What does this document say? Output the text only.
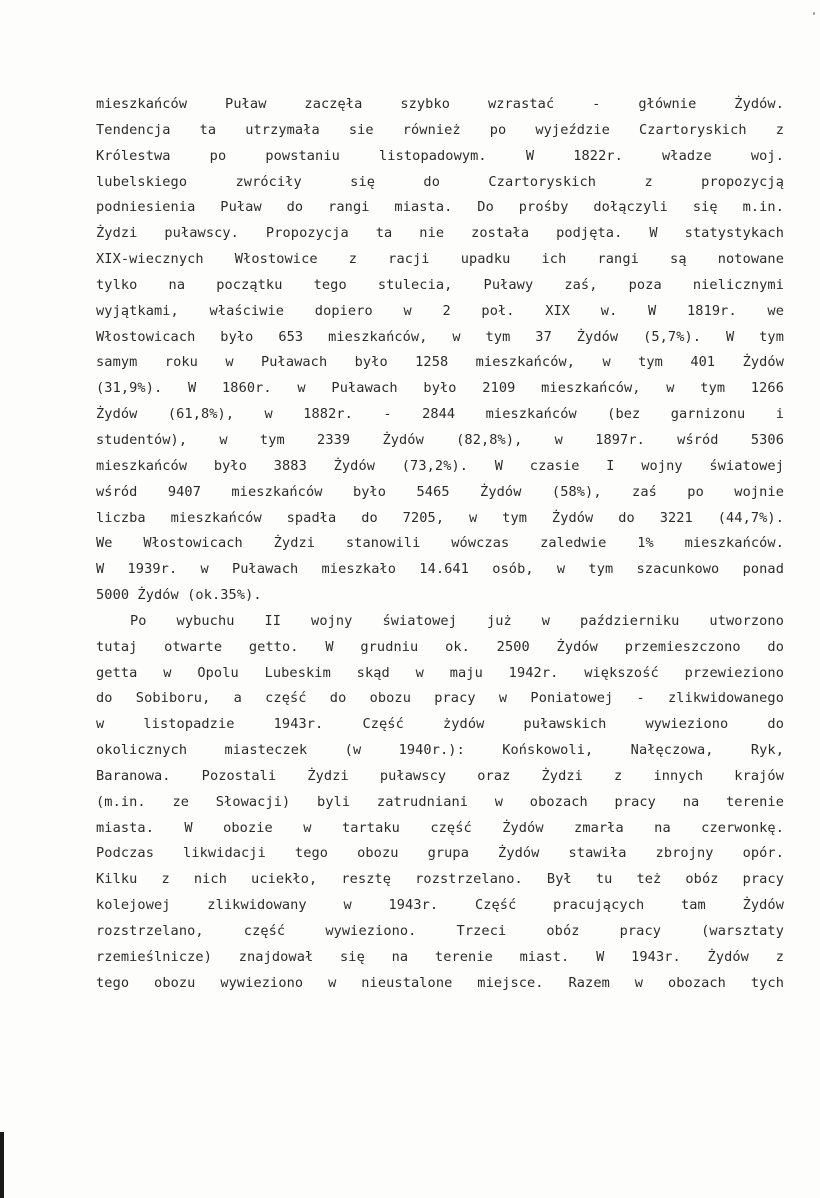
mieszkańców Puław zaczęła szybko wzrastać - głównie Żydów.
Tendencja ta utrzymała sie również po wyjeździe Czartoryskich z
Królestwa po powstaniu listopadowym. W 1822r. władze woj.
lubelskiego zwróciły się do Czartoryskich z propozycją
podniesienia Puław do rangi miasta. Do prośby dołączyli się m.in.
Żydzi puławscy. Propozycja ta nie została podjęta. W statystykach
XIX-wiecznych Włostowice z racji upadku ich rangi są notowane
tylko na początku tego stulecia, Puławy zaś, poza nielicznymi
wyjątkami, właściwie dopiero w 2 poł. XIX w. W 1819r. we
Włostowicach było 653 mieszkańców, w tym 37 Żydów (5,7%). W tym
samym roku w Puławach było 1258 mieszkańców, w tym 401 Żydów
(31,9%). W 1860r. w Puławach było 2109 mieszkańców, w tym 1266
Żydów (61,8%), w 1882r. - 2844 mieszkańców (bez garnizonu i
studentów), w tym 2339 Żydów (82,8%), w 1897r. wśród 5306
mieszkańców było 3883 Żydów (73,2%). W czasie I wojny światowej
wśród 9407 mieszkańców było 5465 Żydów (58%), zaś po wojnie
liczba mieszkańców spadła do 7205, w tym Żydów do 3221 (44,7%).
We Włostowicach Żydzi stanowili wówczas zaledwie 1% mieszkańców.
W 1939r. w Puławach mieszkało 14.641 osób, w tym szacunkowo ponad
5000 Żydów (ok.35%).
Po wybuchu II wojny światowej już w październiku utworzono
tutaj otwarte getto. W grudniu ok. 2500 Żydów przemieszczono do
getta w Opolu Lubeskim skąd w maju 1942r. większość przewieziono
do Sobiboru, a część do obozu pracy w Poniatowej - zlikwidowanego
w listopadzie 1943r. Część żydów puławskich wywieziono do
okolicznych miasteczek (w 1940r.): Końskowoli, Nałęczowa, Ryk,
Baranowa. Pozostali Żydzi puławscy oraz Żydzi z innych krajów
(m.in. ze Słowacji) byli zatrudniani w obozach pracy na terenie
miasta. W obozie w tartaku część Żydów zmarła na czerwonkę.
Podczas likwidacji tego obozu grupa Żydów stawiła zbrojny opór.
Kilku z nich uciekło, resztę rozstrzelano. Był tu też obóz pracy
kolejowej zlikwidowany w 1943r. Część pracujących tam Żydów
rozstrzelano, część wywieziono. Trzeci obóz pracy (warsztaty
rzemieślnicze) znajdował się na terenie miast. W 1943r. Żydów z
tego obozu wywieziono w nieustalone miejsce. Razem w obozach tych
